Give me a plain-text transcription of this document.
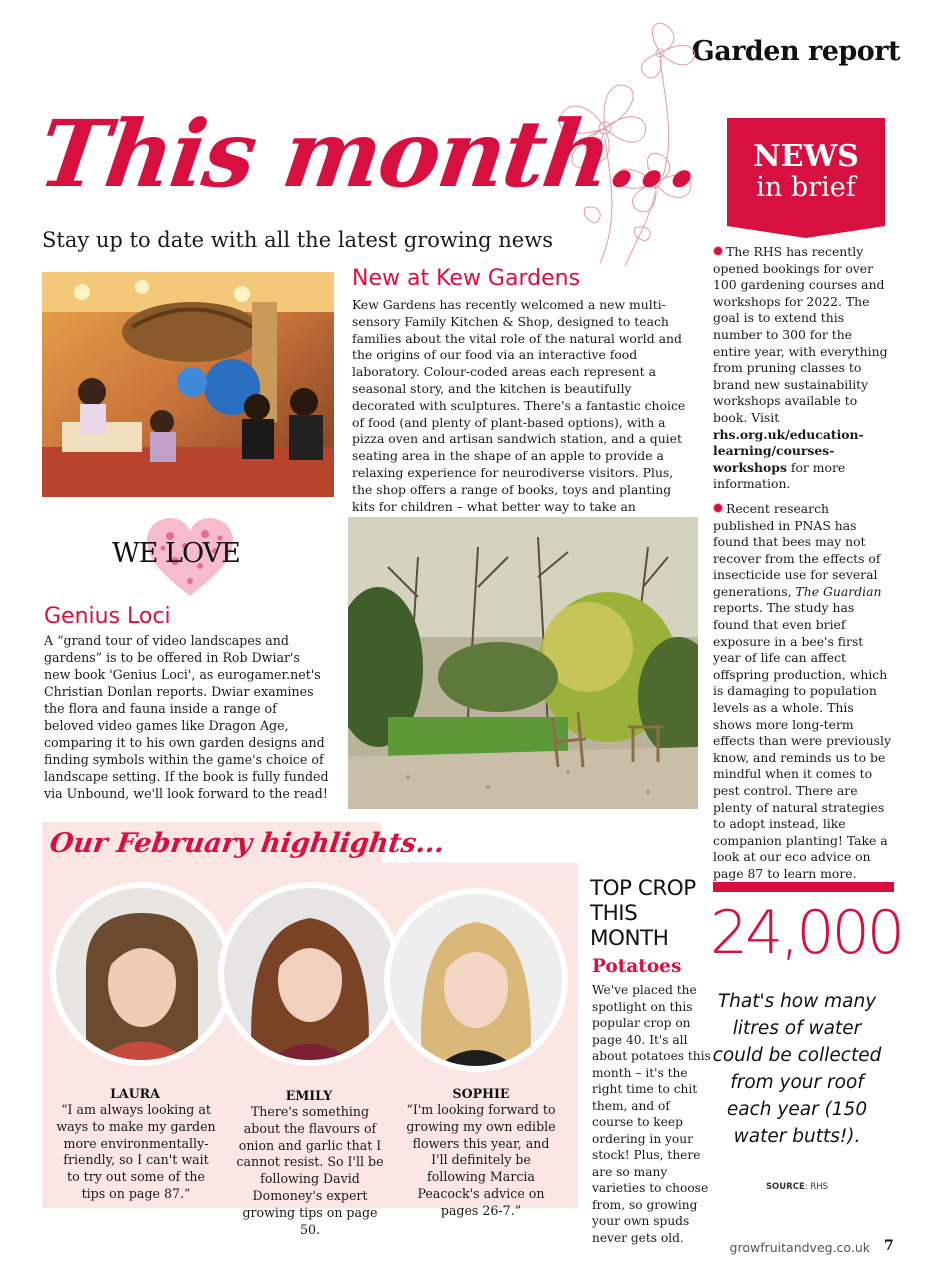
Garden report
This month...
Stay up to date with all the latest growing news
NEWS
in brief

The RHS has recently opened bookings for over 100 gardening courses and workshops for 2022. The goal is to extend this number to 300 for the entire year, with everything from pruning classes to brand new sustainability workshops available to book. Visit rhs.org.uk/education-learning/courses-workshops for more information.

Recent research published in PNAS has found that bees may not recover from the effects of insecticide use for several generations, The Guardian reports. The study has found that even brief exposure in a bee's first year of life can affect offspring production, which is damaging to population levels as a whole. This shows more long-term effects than were previously know, and reminds us to be mindful when it comes to pest control. There are plenty of natural strategies to adopt instead, like companion planting! Take a look at our eco advice on page 87 to learn more.

New at Kew Gardens
Kew Gardens has recently welcomed a new multi-sensory Family Kitchen & Shop, designed to teach families about the vital role of the natural world and the origins of our food via an interactive food laboratory. Colour-coded areas each represent a seasonal story, and the kitchen is beautifully decorated with sculptures. There's a fantastic choice of food (and plenty of plant-based options), with a pizza oven and artisan sandwich station, and a quiet seating area in the shape of an apple to provide a relaxing experience for neurodiverse visitors. Plus, the shop offers a range of books, toys and planting kits for children – what better way to take an
WE LOVE
Genius Loci
A “grand tour of video landscapes and gardens” is to be offered in Rob Dwiar's new book 'Genius Loci', as eurogamer.net's Christian Donlan reports. Dwiar examines the flora and fauna inside a range of beloved video games like Dragon Age, comparing it to his own garden designs and finding symbols within the game's choice of landscape setting. If the book is fully funded via Unbound, we'll look forward to the read!
Our February highlights...
LAURA
“I am always looking at ways to make my garden more environmentally-friendly, so I can't wait to try out some of the tips on page 87.”
EMILY
There's something about the flavours of onion and garlic that I cannot resist. So I'll be following David Domoney's expert growing tips on page 50.
SOPHIE
“I'm looking forward to growing my own edible flowers this year, and I'll definitely be following Marcia Peacock's advice on pages 26-7.”
TOP CROP
THIS
MONTH
Potatoes
We've placed the spotlight on this popular crop on page 40. It's all about potatoes this month – it's the right time to chit them, and of course to keep ordering in your stock! Plus, there are so many varieties to choose from, so growing your own spuds never gets old.
24,000
That's how many litres of water could be collected from your roof each year (150 water butts!).
SOURCE: RHS
growfruitandveg.co.uk 7
